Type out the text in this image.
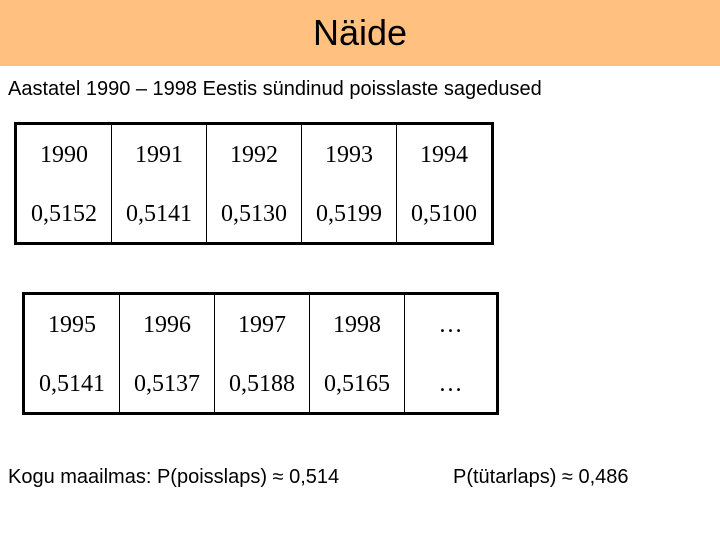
Näide
Aastatel 1990 – 1998 Eestis sündinud poisslaste sagedused
1990	1991	1992	1993	1994
0,5152	0,5141	0,5130	0,5199	0,5100
1995	1996	1997	1998	…
0,5141	0,5137	0,5188	0,5165	…
Kogu maailmas: P(poisslaps) ≈ 0,514	P(tütarlaps) ≈ 0,486
